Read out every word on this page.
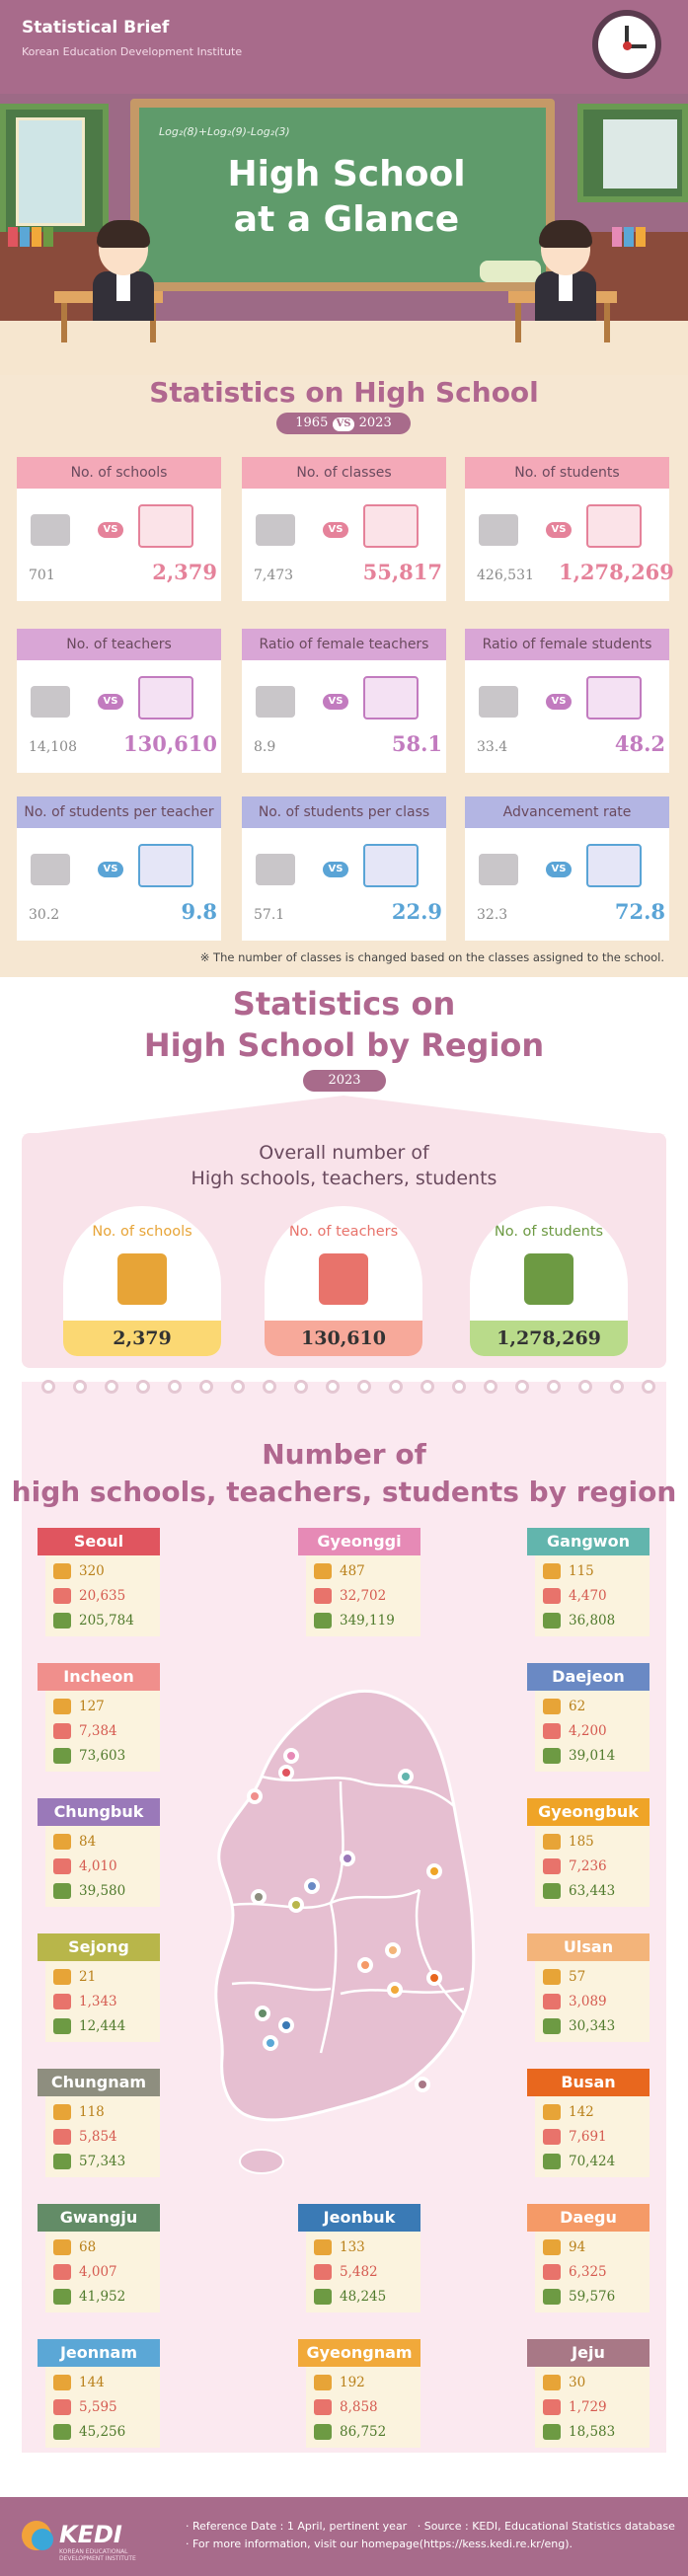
Statistical Brief
Korean Education Development Institute
Log₂(8)+Log₂(9)-Log₂(3)
High School
at a Glance
Statistics on High School
1965 VS 2023
No. of schools
VS
701	2,379
No. of classes
VS
7,473	55,817
No. of students
VS
426,531	1,278,269
No. of teachers
VS
14,108	130,610
Ratio of female teachers
VS
8.9	58.1
Ratio of female students
VS
33.4	48.2
No. of students per teacher
VS
30.2	9.8
No. of students per class
VS
57.1	22.9
Advancement rate
VS
32.3	72.8
※ The number of classes is changed based on the classes assigned to the school.
Statistics on
High School by Region
2023
Overall number of
High schools, teachers, students
No. of schools
2,379
No. of teachers
130,610
No. of students
1,278,269
Number of
high schools, teachers, students by region
Seoul
320
20,635
205,784
Gyeonggi
487
32,702
349,119
Gangwon
115
4,470
36,808
Incheon
127
7,384
73,603
Daejeon
62
4,200
39,014
Chungbuk
84
4,010
39,580
Gyeongbuk
185
7,236
63,443
Sejong
21
1,343
12,444
Ulsan
57
3,089
30,343
Chungnam
118
5,854
57,343
Busan
142
7,691
70,424
Gwangju
68
4,007
41,952
Jeonbuk
133
5,482
48,245
Daegu
94
6,325
59,576
Jeonnam
144
5,595
45,256
Gyeongnam
192
8,858
86,752
Jeju
30
1,729
18,583
KEDI
KOREAN EDUCATIONAL DEVELOPMENT INSTITUTE
· Reference Date : 1 April, pertinent year · Source : KEDI, Educational Statistics database
· For more information, visit our homepage(https://kess.kedi.re.kr/eng).
